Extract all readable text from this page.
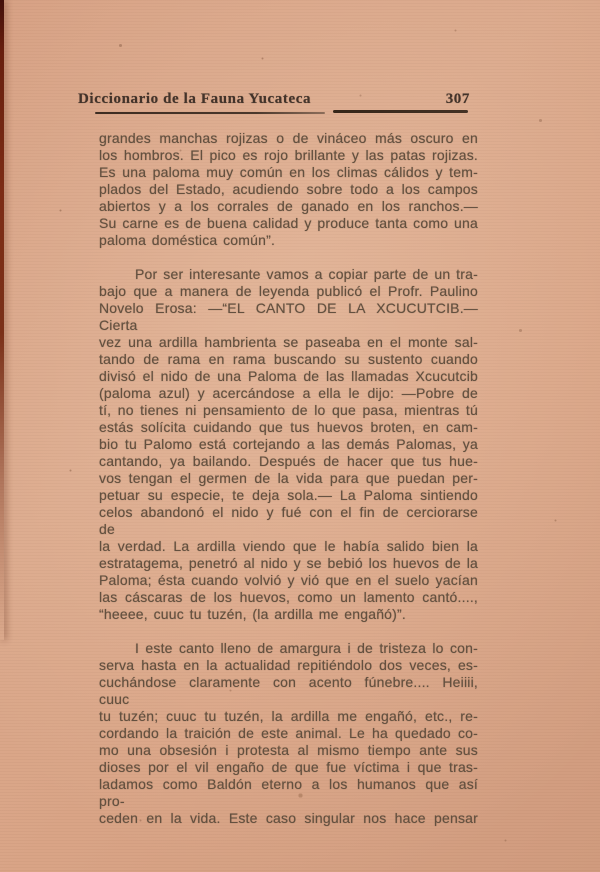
Diccionario de la Fauna Yucateca	307
grandes manchas rojizas o de vináceo más oscuro en
los hombros. El pico es rojo brillante y las patas rojizas.
Es una paloma muy común en los climas cálidos y tem-
plados del Estado, acudiendo sobre todo a los campos
abiertos y a los corrales de ganado en los ranchos.—
Su carne es de buena calidad y produce tanta como una
paloma doméstica común”.
Por ser interesante vamos a copiar parte de un tra-
bajo que a manera de leyenda publicó el Profr. Paulino
Novelo Erosa: —“EL CANTO DE LA XCUCUTCIB.—Cierta
vez una ardilla hambrienta se paseaba en el monte sal-
tando de rama en rama buscando su sustento cuando
divisó el nido de una Paloma de las llamadas Xcucutcib
(paloma azul) y acercándose a ella le dijo: —Pobre de
tí, no tienes ni pensamiento de lo que pasa, mientras tú
estás solícita cuidando que tus huevos broten, en cam-
bio tu Palomo está cortejando a las demás Palomas, ya
cantando, ya bailando. Después de hacer que tus hue-
vos tengan el germen de la vida para que puedan per-
petuar su especie, te deja sola.— La Paloma sintiendo
celos abandonó el nido y fué con el fin de cerciorarse de
la verdad. La ardilla viendo que le había salido bien la
estratagema, penetró al nido y se bebió los huevos de la
Paloma; ésta cuando volvió y vió que en el suelo yacían
las cáscaras de los huevos, como un lamento cantó....,
“heeee, cuuc tu tuzén, (la ardilla me engañó)”.
I este canto lleno de amargura i de tristeza lo con-
serva hasta en la actualidad repitiéndolo dos veces, es-
cuchándose claramente con acento fúnebre.... Heiiii, cuuc
tu tuzén; cuuc tu tuzén, la ardilla me engañó, etc., re-
cordando la traición de este animal. Le ha quedado co-
mo una obsesión i protesta al mismo tiempo ante sus
dioses por el vil engaño de que fue víctima i que tras-
ladamos como Baldón eterno a los humanos que así pro-
ceden en la vida. Este caso singular nos hace pensar
